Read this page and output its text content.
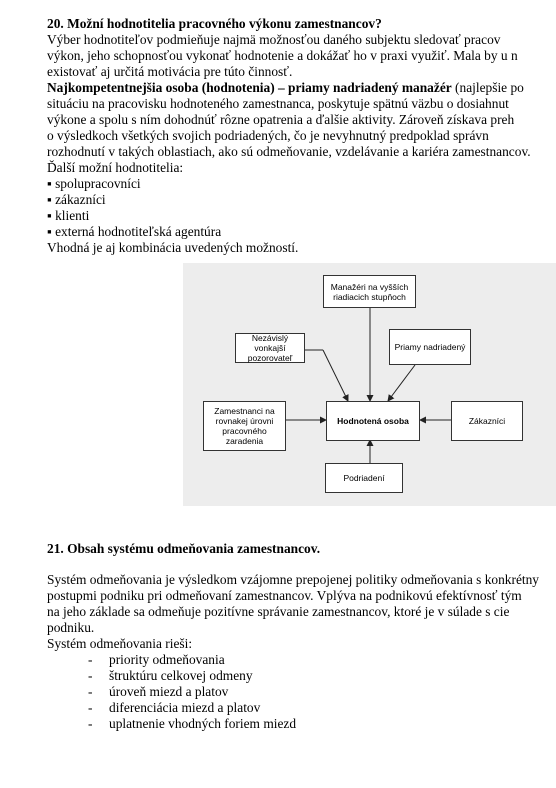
20. Možní hodnotitelia pracovného výkonu zamestnancov?
Výber hodnotiteľov podmieňuje najmä možnosťou daného subjektu sledovať pracov
výkon, jeho schopnosťou vykonať hodnotenie a dokážať ho v praxi využiť. Mala by u n
existovať aj určitá motivácia pre túto činnosť.
Najkompetentnejšia osoba (hodnotenia) – priamy nadriadený manažér (najlepšie po
situáciu na pracovisku hodnoteného zamestnanca, poskytuje spätnú väzbu o dosiahnut
výkone a spolu s ním dohodnúť rôzne opatrenia a ďalšie aktivity. Zároveň získava preh
o výsledkoch všetkých svojich podriadených, čo je nevyhnutný predpoklad správn
rozhodnutí v takých oblastiach, ako sú odmeňovanie, vzdelávanie a kariéra zamestnancov.
Ďalší možní hodnotitelia:
▪ spolupracovníci
▪ zákazníci
▪ klienti
▪ externá hodnotiteľská agentúra
Vhodná je aj kombinácia uvedených možností.
Manažéri na vyšších riadiacich stupňoch
Nezávislý vonkajší pozorovateľ
Priamy nadriadený
Zamestnanci na rovnakej úrovni pracovného zaradenia
Hodnotená osoba	Zákazníci
Podriadení
21. Obsah systému odmeňovania zamestnancov.
Systém odmeňovania je výsledkom vzájomne prepojenej politiky odmeňovania s konkrétny
postupmi podniku pri odmeňovaní zamestnancov. Vplýva na podnikovú efektívnosť tým
na jeho základe sa odmeňuje pozitívne správanie zamestnancov, ktoré je v súlade s cie
podniku.
Systém odmeňovania rieši:
- priority odmeňovania
- štruktúru celkovej odmeny
- úroveň miezd a platov
- diferenciácia miezd a platov
- uplatnenie vhodných foriem miezd
